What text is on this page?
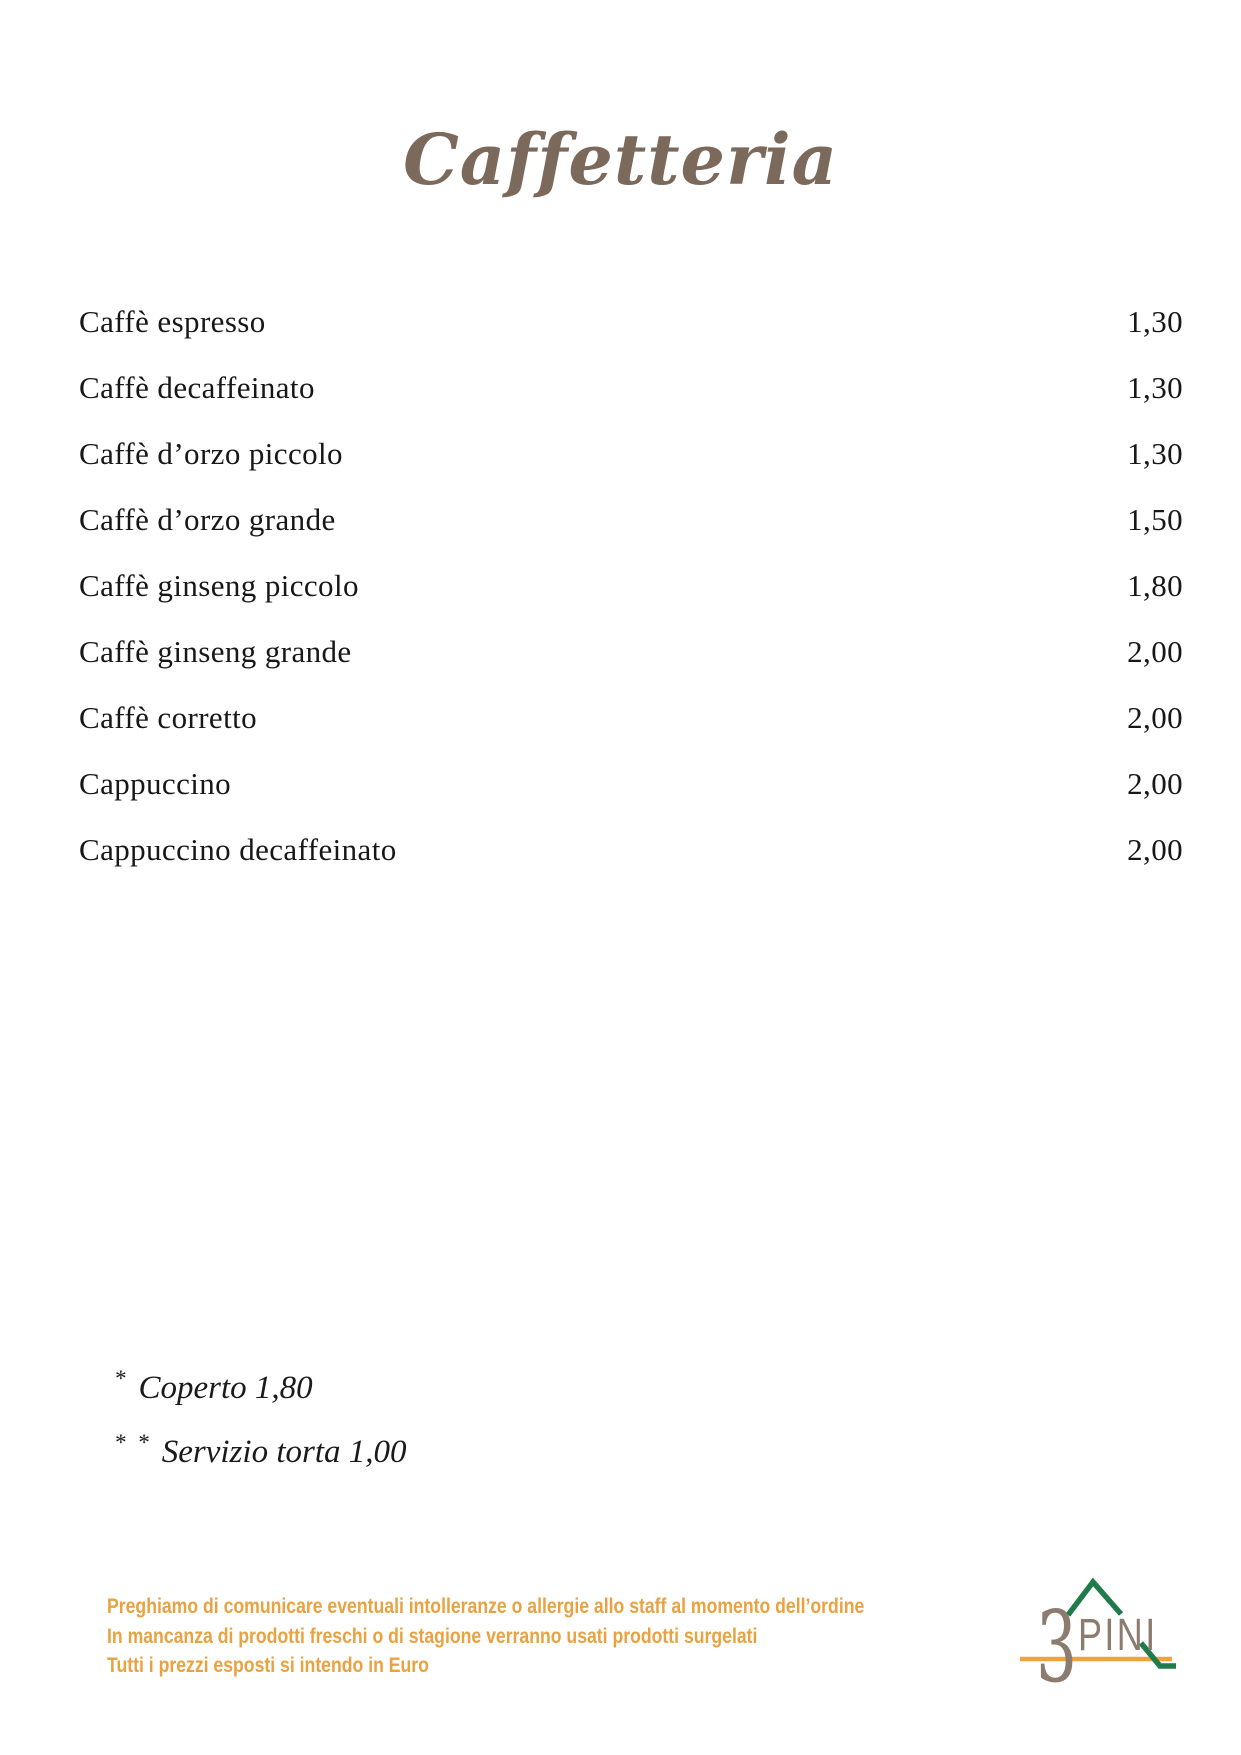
Caffetteria
Caffè espresso	1,30
Caffè decaffeinato	1,30
Caffè d’orzo piccolo	1,30
Caffè d’orzo grande	1,50
Caffè ginseng piccolo	1,80
Caffè ginseng grande	2,00
Caffè corretto	2,00
Cappuccino	2,00
Cappuccino decaffeinato	2,00
* Coperto 1,80
* * Servizio torta 1,00
Preghiamo di comunicare eventuali intolleranze o allergie allo staff al momento dell’ordine
In mancanza di prodotti freschi o di stagione verranno usati prodotti surgelati
Tutti i prezzi esposti si intendo in Euro	3 PINI
